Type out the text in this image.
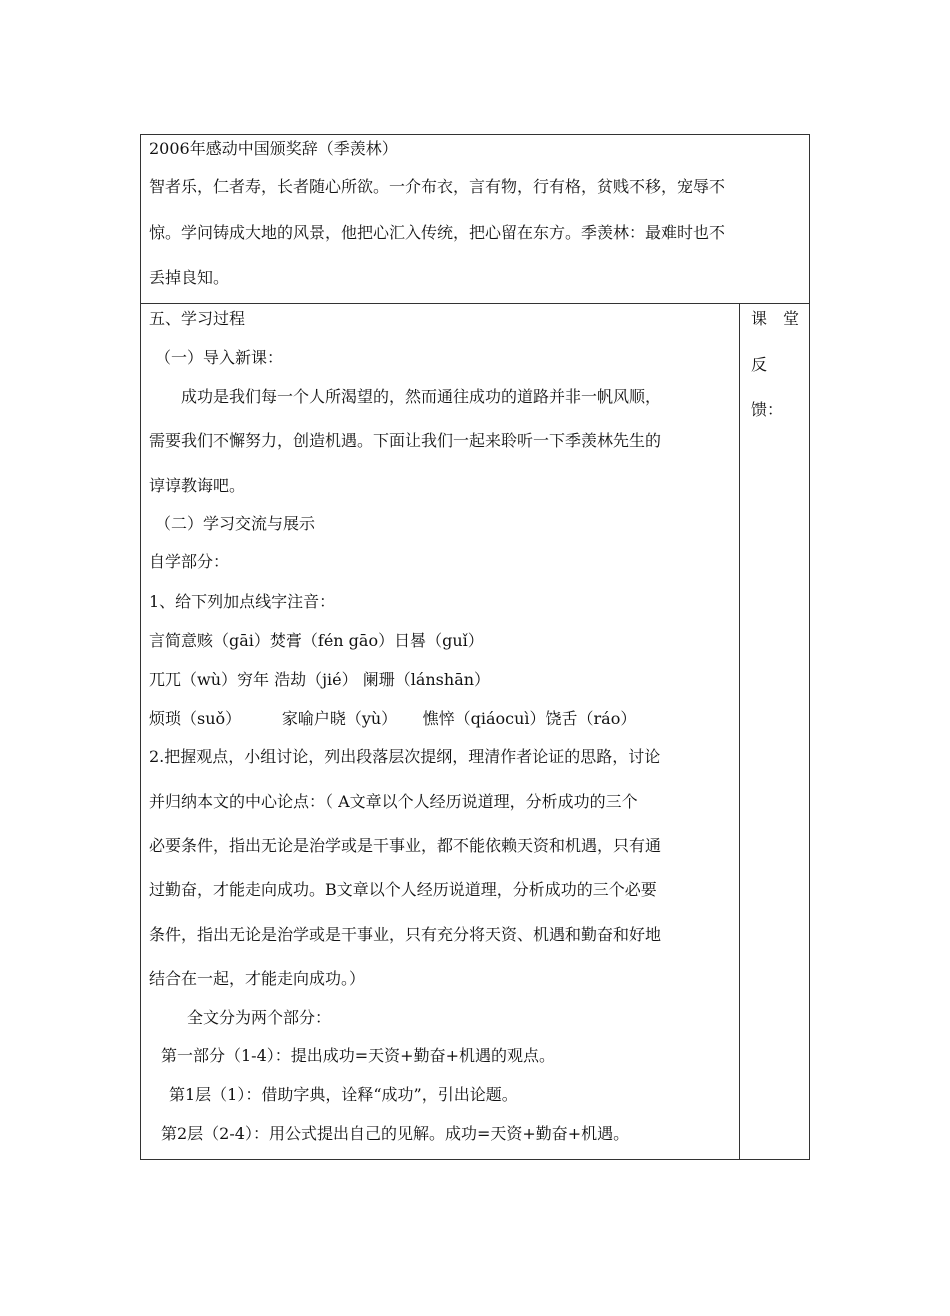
2006年感动中国颁奖辞（季羡林）
智者乐，仁者寿，长者随心所欲。一介布衣，言有物，行有格，贫贱不移，宠辱不
惊。学问铸成大地的风景，他把心汇入传统，把心留在东方。季羡林：最难时也不
丢掉良知。
五、学习过程
（一）导入新课：
成功是我们每一个人所渴望的，然而通往成功的道路并非一帆风顺，
需要我们不懈努力，创造机遇。下面让我们一起来聆听一下季羡林先生的
谆谆教诲吧。
（二）学习交流与展示
自学部分：
1、给下列加点线字注音：
言简意赅（gāi）焚膏（fén gāo）日晷（guǐ）
兀兀（wù）穷年 浩劫（jié） 阑珊（lánshān）
烦琐（suǒ）        家喻户晓（yù）     憔悴（qiáocuì）饶舌（ráo）
2.把握观点，小组讨论，列出段落层次提纲，理清作者论证的思路，讨论
并归纳本文的中心论点：（ A文章以个人经历说道理，分析成功的三个
必要条件，指出无论是治学或是干事业，都不能依赖天资和机遇，只有通
过勤奋，才能走向成功。B文章以个人经历说道理，分析成功的三个必要
条件，指出无论是治学或是干事业，只有充分将天资、机遇和勤奋和好地
结合在一起，才能走向成功。）
全文分为两个部分：
第一部分（1-4）：提出成功=天资+勤奋+机遇的观点。
第1层（1）：借助字典，诠释“成功”，引出论题。
第2层（2-4）：用公式提出自己的见解。成功=天资+勤奋+机遇。
课 堂
反
馈：
